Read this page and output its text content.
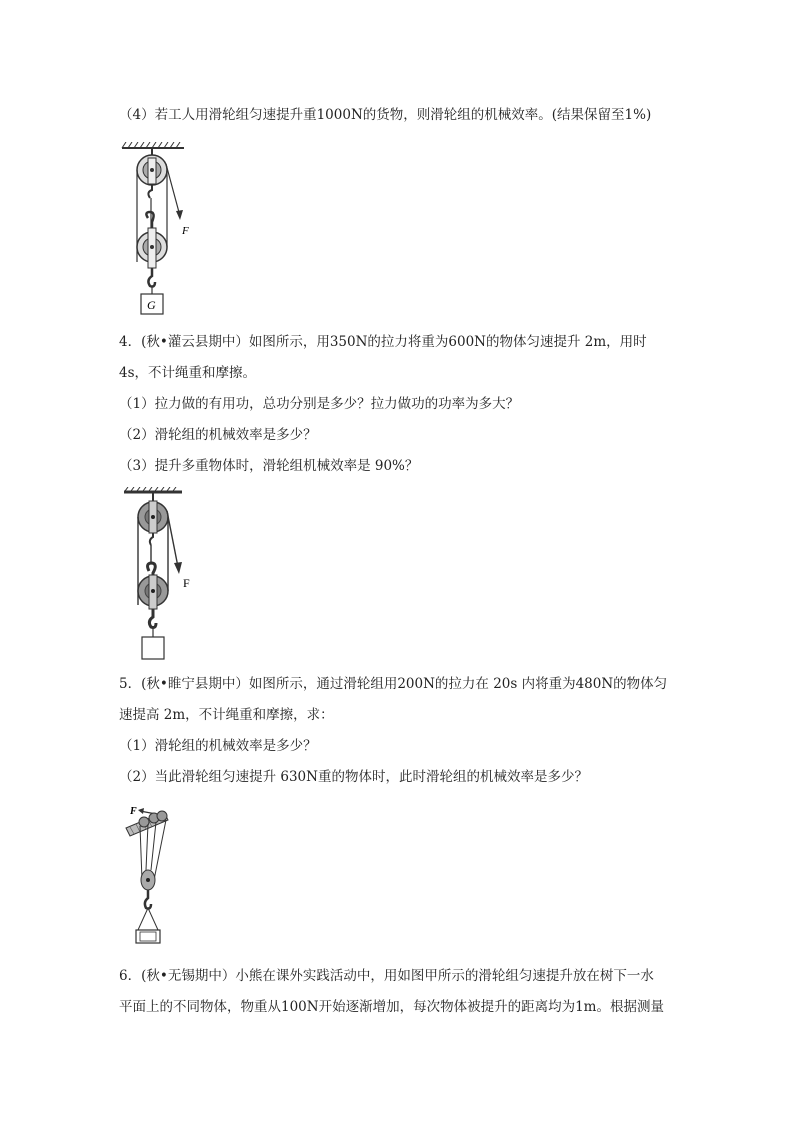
（4）若工人用滑轮组匀速提升重1000N的货物，则滑轮组的机械效率。(结果保留至1%)
F
G
4．(秋•灌云县期中）如图所示，用350N的拉力将重为600N的物体匀速提升 2m，用时
4s，不计绳重和摩擦。
（1）拉力做的有用功，总功分别是多少？拉力做功的功率为多大？
（2）滑轮组的机械效率是多少？
（3）提升多重物体时，滑轮组机械效率是 90%？
F
5．(秋•睢宁县期中）如图所示，通过滑轮组用200N的拉力在 20s 内将重为480N的物体匀
速提高 2m，不计绳重和摩擦，求：
（1）滑轮组的机械效率是多少？
（2）当此滑轮组匀速提升 630N重的物体时，此时滑轮组的机械效率是多少？
F
6．(秋•无锡期中）小熊在课外实践活动中，用如图甲所示的滑轮组匀速提升放在树下一水
平面上的不同物体，物重从100N开始逐渐增加，每次物体被提升的距离均为1m。根据测量
